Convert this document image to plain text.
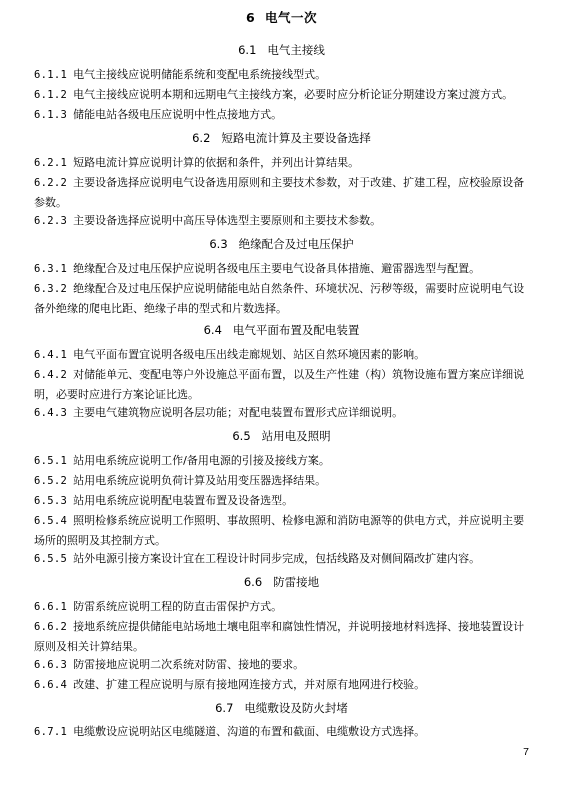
6  电气一次
6.1   电气主接线
6.1.1 电气主接线应说明储能系统和变配电系统接线型式。
6.1.2 电气主接线应说明本期和远期电气主接线方案，必要时应分析论证分期建设方案过渡方式。
6.1.3 储能电站各级电压应说明中性点接地方式。
6.2   短路电流计算及主要设备选择
6.2.1 短路电流计算应说明计算的依据和条件，并列出计算结果。
6.2.2 主要设备选择应说明电气设备选用原则和主要技术参数，对于改建、扩建工程，应校验原设备参数。
6.2.3 主要设备选择应说明中高压导体选型主要原则和主要技术参数。
6.3   绝缘配合及过电压保护
6.3.1 绝缘配合及过电压保护应说明各级电压主要电气设备具体措施、避雷器选型与配置。
6.3.2 绝缘配合及过电压保护应说明储能电站自然条件、环境状况、污秽等级，需要时应说明电气设备外绝缘的爬电比距、绝缘子串的型式和片数选择。
6.4   电气平面布置及配电装置
6.4.1 电气平面布置宜说明各级电压出线走廊规划、站区自然环境因素的影响。
6.4.2 对储能单元、变配电等户外设施总平面布置，以及生产性建（构）筑物设施布置方案应详细说明，必要时应进行方案论证比选。
6.4.3 主要电气建筑物应说明各层功能；对配电装置布置形式应详细说明。
6.5   站用电及照明
6.5.1 站用电系统应说明工作/备用电源的引接及接线方案。
6.5.2 站用电系统应说明负荷计算及站用变压器选择结果。
6.5.3 站用电系统应说明配电装置布置及设备选型。
6.5.4 照明检修系统应说明工作照明、事故照明、检修电源和消防电源等的供电方式，并应说明主要场所的照明及其控制方式。
6.5.5 站外电源引接方案设计宜在工程设计时同步完成，包括线路及对侧间隔改扩建内容。
6.6   防雷接地
6.6.1 防雷系统应说明工程的防直击雷保护方式。
6.6.2 接地系统应提供储能电站场地土壤电阻率和腐蚀性情况，并说明接地材料选择、接地装置设计原则及相关计算结果。
6.6.3 防雷接地应说明二次系统对防雷、接地的要求。
6.6.4 改建、扩建工程应说明与原有接地网连接方式，并对原有地网进行校验。
6.7   电缆敷设及防火封堵
6.7.1 电缆敷设应说明站区电缆隧道、沟道的布置和截面、电缆敷设方式选择。
7
